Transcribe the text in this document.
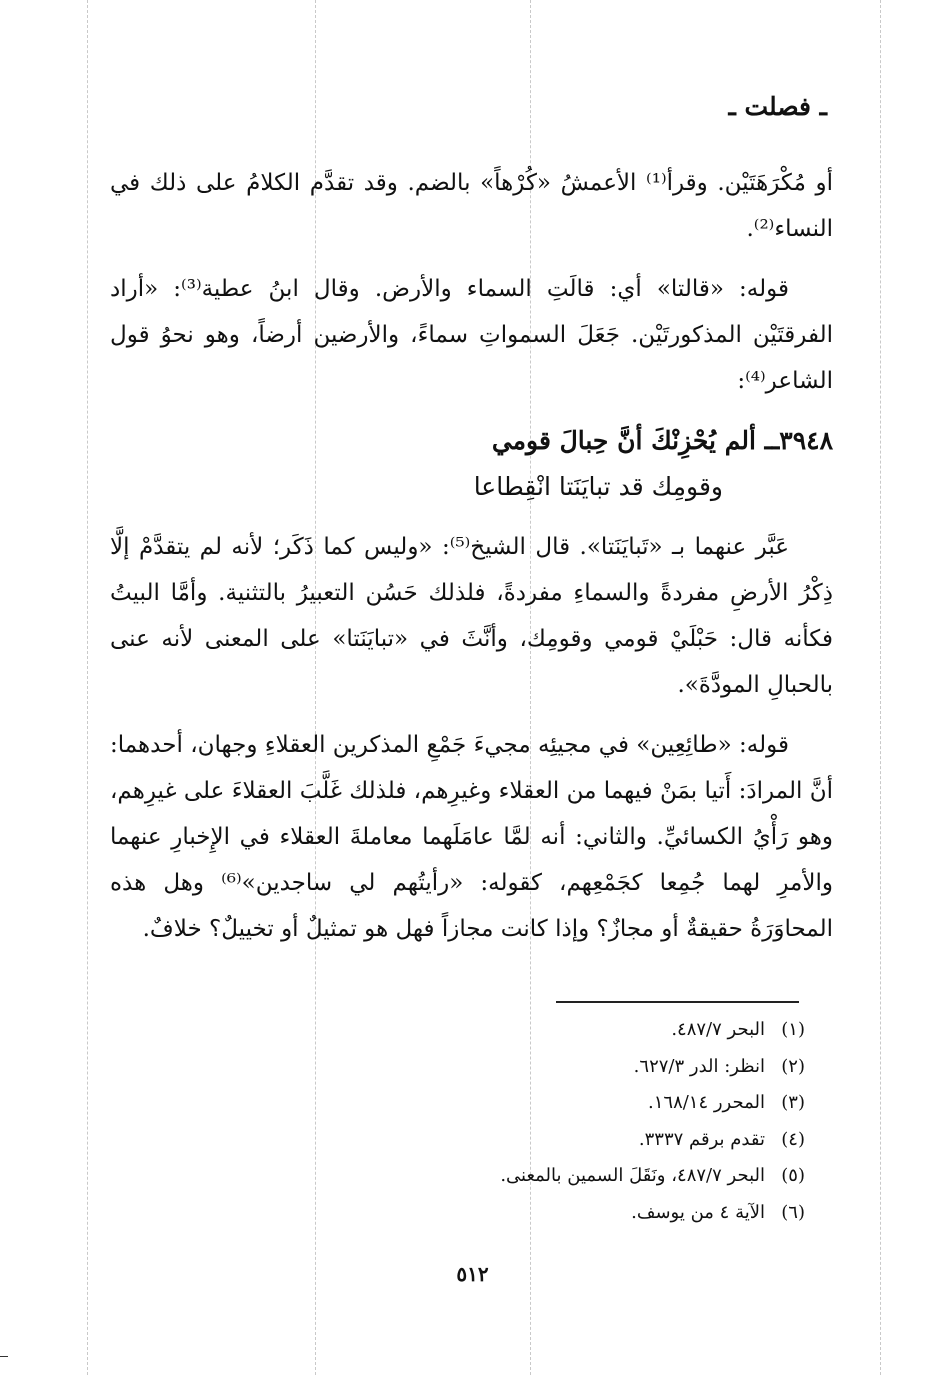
ـ فصلت ـ

أو مُكْرَهَتَيْن. وقرأ⁽¹⁾ الأعمشُ «كُرْهاً» بالضم. وقد تقدَّم الكلامُ على ذلك في النساء⁽²⁾.

قوله: «قالتا» أي: قالَتِ السماء والأرض. وقال ابنُ عطية⁽³⁾: «أراد الفرقتَيْن المذكورتَيْن. جَعَلَ السمواتِ سماءً، والأرضين أرضاً، وهو نحوُ قول الشاعر⁽⁴⁾:

٣٩٤٨ــ ألم يُحْزِنْكَ أنَّ حِبالَ قومي
وقومِك قد تبايَنَتا انْقِطاعا

عَبَّر عنهما بـ «تَبايَنَتا». قال الشيخ⁽⁵⁾: «وليس كما ذَكَر؛ لأنه لم يتقدَّمْ إلَّا ذِكْرُ الأرضِ مفردةً والسماءِ مفردةً، فلذلك حَسُن التعبيرُ بالتثنية. وأمَّا البيتُ فكأنه قال: حَبْلَيْ قومي وقومِك، وأنَّثَ في «تبايَنَتا» على المعنى لأنه عنى بالحبالِ المودَّةَ».

قوله: «طائِعِين» في مجيئِه مجيءَ جَمْعِ المذكرين العقلاءِ وجهان، أحدهما: أنَّ المرادَ: أَتيا بمَنْ فيهما من العقلاء وغيرِهم، فلذلك غَلَّبَ العقلاءَ على غيرِهم، وهو رَأْيُ الكسائيِّ. والثاني: أنه لمَّا عامَلَهما معاملةَ العقلاء في الإِخبارِ عنهما والأمرِ لهما جُمِعا كجَمْعِهم، كقوله: «رأيتُهم لي ساجدين»⁽⁶⁾ وهل هذه المحاوَرَةُ حقيقةٌ أو مجازٌ؟ وإذا كانت مجازاً فهل هو تمثيلٌ أو تخييلٌ؟ خلافٌ.

(١)
البحر ٤٨٧/٧.
(٢)
انظر: الدر ٦٢٧/٣.
(٣)
المحرر ١٦٨/١٤.
(٤)
تقدم برقم ٣٣٣٧.
(٥)
البحر ٤٨٧/٧، ونَقَلَ السمين بالمعنى.
(٦)
الآية ٤ من يوسف.
٥١٢
